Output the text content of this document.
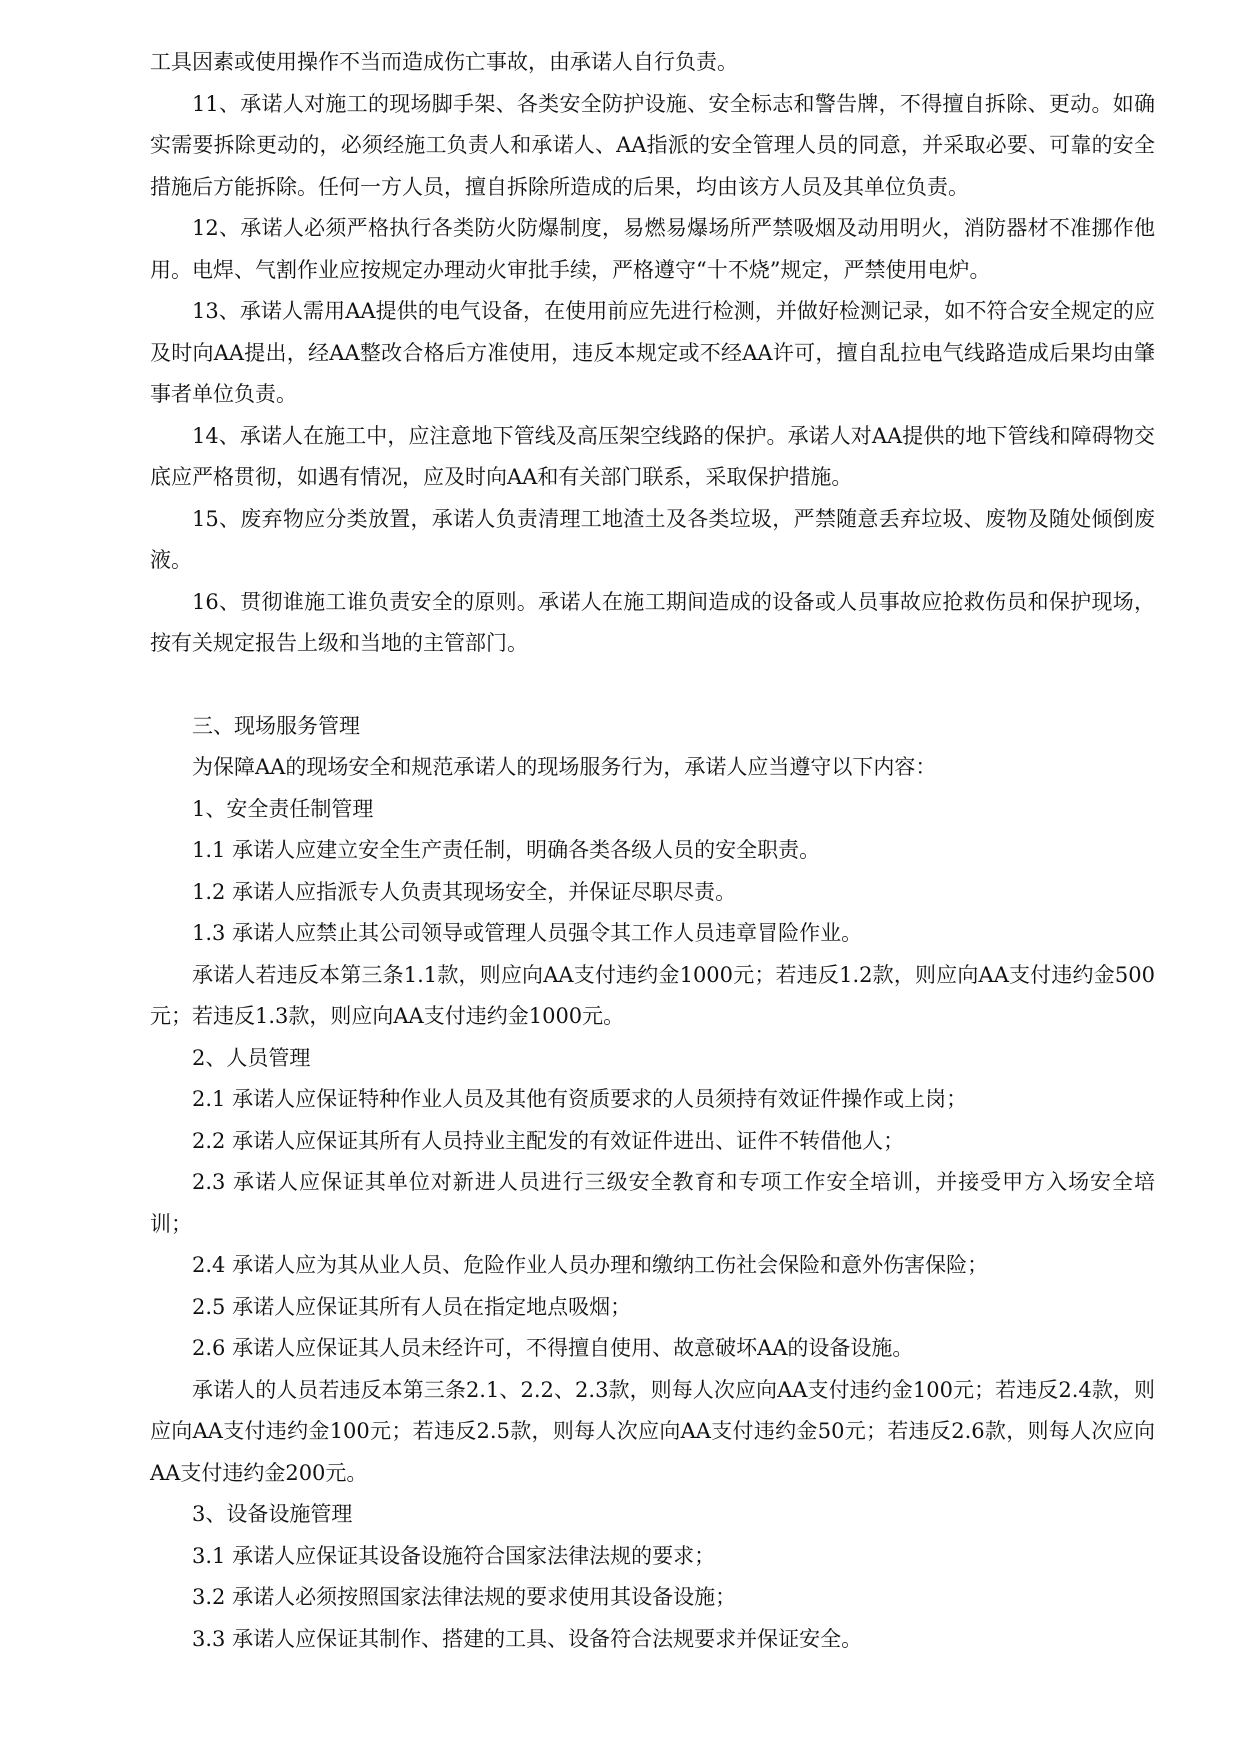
工具因素或使用操作不当而造成伤亡事故，由承诺人自行负责。

11、承诺人对施工的现场脚手架、各类安全防护设施、安全标志和警告牌，不得擅自拆除、更动。如确实需要拆除更动的，必须经施工负责人和承诺人、AA指派的安全管理人员的同意，并采取必要、可靠的安全措施后方能拆除。任何一方人员，擅自拆除所造成的后果，均由该方人员及其单位负责。

12、承诺人必须严格执行各类防火防爆制度，易燃易爆场所严禁吸烟及动用明火，消防器材不准挪作他用。电焊、气割作业应按规定办理动火审批手续，严格遵守“十不烧”规定，严禁使用电炉。

13、承诺人需用AA提供的电气设备，在使用前应先进行检测，并做好检测记录，如不符合安全规定的应及时向AA提出，经AA整改合格后方准使用，违反本规定或不经AA许可，擅自乱拉电气线路造成后果均由肇事者单位负责。

14、承诺人在施工中，应注意地下管线及高压架空线路的保护。承诺人对AA提供的地下管线和障碍物交底应严格贯彻，如遇有情况，应及时向AA和有关部门联系，采取保护措施。

15、废弃物应分类放置，承诺人负责清理工地渣土及各类垃圾，严禁随意丢弃垃圾、废物及随处倾倒废液。

16、贯彻谁施工谁负责安全的原则。承诺人在施工期间造成的设备或人员事故应抢救伤员和保护现场，按有关规定报告上级和当地的主管部门。

三、现场服务管理

为保障AA的现场安全和规范承诺人的现场服务行为，承诺人应当遵守以下内容：

1、安全责任制管理

1.1 承诺人应建立安全生产责任制，明确各类各级人员的安全职责。

1.2 承诺人应指派专人负责其现场安全，并保证尽职尽责。

1.3 承诺人应禁止其公司领导或管理人员强令其工作人员违章冒险作业。

承诺人若违反本第三条1.1款，则应向AA支付违约金1000元；若违反1.2款，则应向AA支付违约金500元；若违反1.3款，则应向AA支付违约金1000元。

2、人员管理

2.1 承诺人应保证特种作业人员及其他有资质要求的人员须持有效证件操作或上岗；

2.2 承诺人应保证其所有人员持业主配发的有效证件进出、证件不转借他人；

2.3 承诺人应保证其单位对新进人员进行三级安全教育和专项工作安全培训，并接受甲方入场安全培训；

2.4 承诺人应为其从业人员、危险作业人员办理和缴纳工伤社会保险和意外伤害保险；

2.5 承诺人应保证其所有人员在指定地点吸烟；

2.6 承诺人应保证其人员未经许可，不得擅自使用、故意破坏AA的设备设施。

承诺人的人员若违反本第三条2.1、2.2、2.3款，则每人次应向AA支付违约金100元；若违反2.4款，则应向AA支付违约金100元；若违反2.5款，则每人次应向AA支付违约金50元；若违反2.6款，则每人次应向AA支付违约金200元。

3、设备设施管理

3.1 承诺人应保证其设备设施符合国家法律法规的要求；

3.2 承诺人必须按照国家法律法规的要求使用其设备设施；

3.3 承诺人应保证其制作、搭建的工具、设备符合法规要求并保证安全。
